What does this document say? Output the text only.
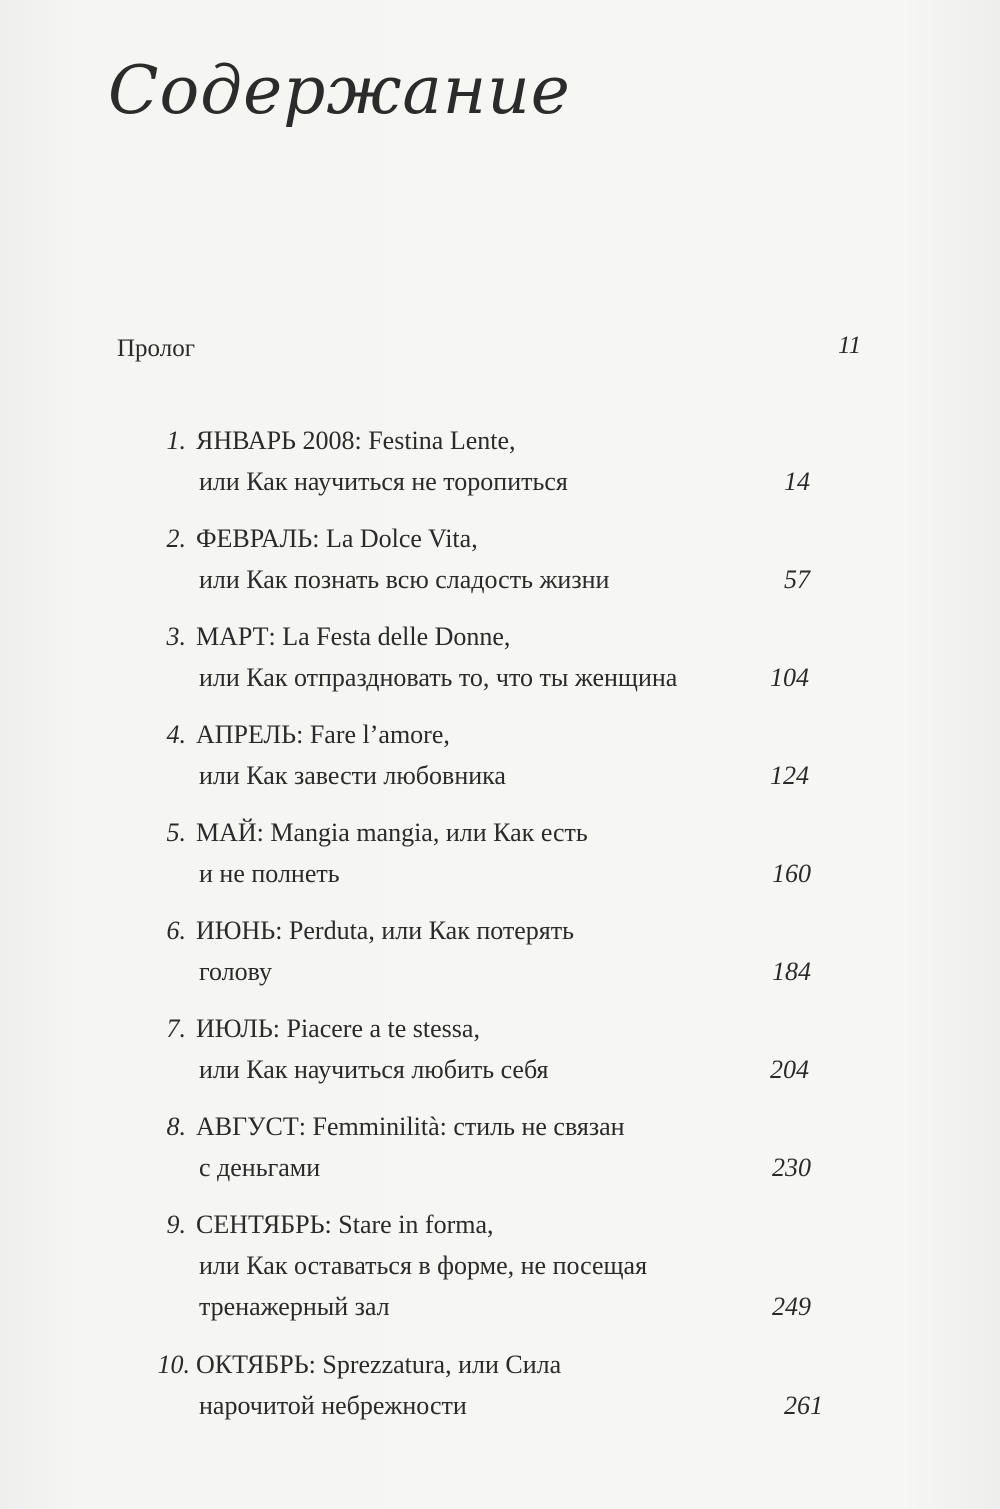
Содержание
Пролог	11
1. ЯНВАРЬ 2008: Festina Lente,
или Как научиться не торопиться	14
2. ФЕВРАЛЬ: La Dolce Vita,
или Как познать всю сладость жизни	57
3. МАРТ: La Festa delle Donne,
или Как отпраздновать то, что ты женщина	104
4. АПРЕЛЬ: Fare l’amore,
или Как завести любовника	124
5. МАЙ: Mangia mangia, или Как есть
и не полнеть	160
6. ИЮНЬ: Perduta, или Как потерять
голову	184
7. ИЮЛЬ: Piacere a te stessa,
или Как научиться любить себя	204
8. АВГУСТ: Femminilità: стиль не связан
с деньгами	230
9. СЕНТЯБРЬ: Stare in forma,
или Как оставаться в форме, не посещая
тренажерный зал	249
10. ОКТЯБРЬ: Sprezzatura, или Сила
нарочитой небрежности	261
